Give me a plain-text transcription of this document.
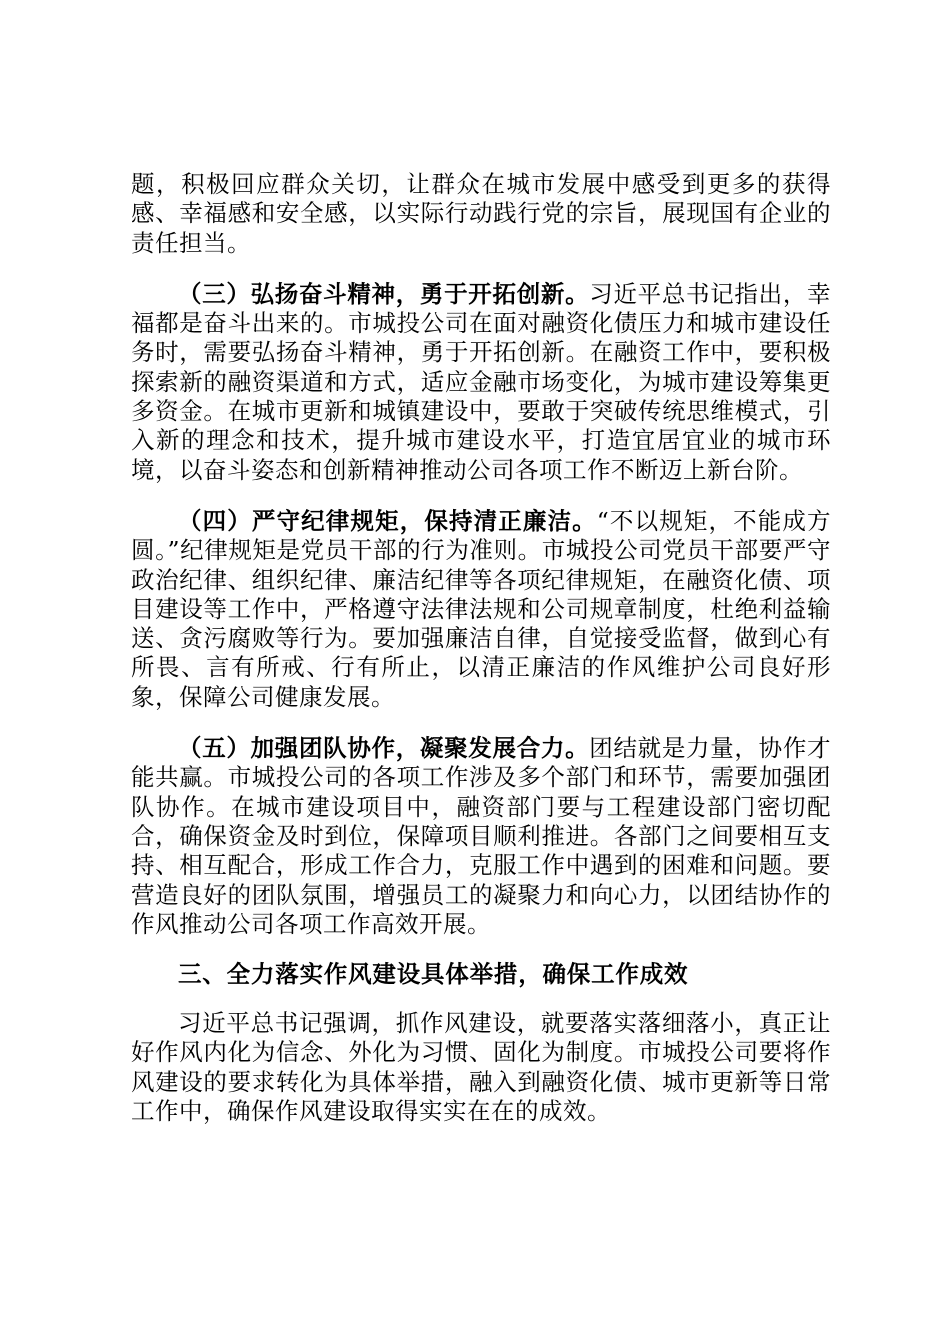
题，积极回应群众关切，让群众在城市发展中感受到更多的获得感、幸福感和安全感，以实际行动践行党的宗旨，展现国有企业的责任担当。

（三）弘扬奋斗精神，勇于开拓创新。习近平总书记指出，幸福都是奋斗出来的。市城投公司在面对融资化债压力和城市建设任务时，需要弘扬奋斗精神，勇于开拓创新。在融资工作中，要积极探索新的融资渠道和方式，适应金融市场变化，为城市建设筹集更多资金。在城市更新和城镇建设中，要敢于突破传统思维模式，引入新的理念和技术，提升城市建设水平，打造宜居宜业的城市环境，以奋斗姿态和创新精神推动公司各项工作不断迈上新台阶。

（四）严守纪律规矩，保持清正廉洁。“不以规矩，不能成方圆。”纪律规矩是党员干部的行为准则。市城投公司党员干部要严守政治纪律、组织纪律、廉洁纪律等各项纪律规矩，在融资化债、项目建设等工作中，严格遵守法律法规和公司规章制度，杜绝利益输送、贪污腐败等行为。要加强廉洁自律，自觉接受监督，做到心有所畏、言有所戒、行有所止，以清正廉洁的作风维护公司良好形象，保障公司健康发展。

（五）加强团队协作，凝聚发展合力。团结就是力量，协作才能共赢。市城投公司的各项工作涉及多个部门和环节，需要加强团队协作。在城市建设项目中，融资部门要与工程建设部门密切配合，确保资金及时到位，保障项目顺利推进。各部门之间要相互支持、相互配合，形成工作合力，克服工作中遇到的困难和问题。要营造良好的团队氛围，增强员工的凝聚力和向心力，以团结协作的作风推动公司各项工作高效开展。

三、全力落实作风建设具体举措，确保工作成效

习近平总书记强调，抓作风建设，就要落实落细落小，真正让好作风内化为信念、外化为习惯、固化为制度。市城投公司要将作风建设的要求转化为具体举措，融入到融资化债、城市更新等日常工作中，确保作风建设取得实实在在的成效。
